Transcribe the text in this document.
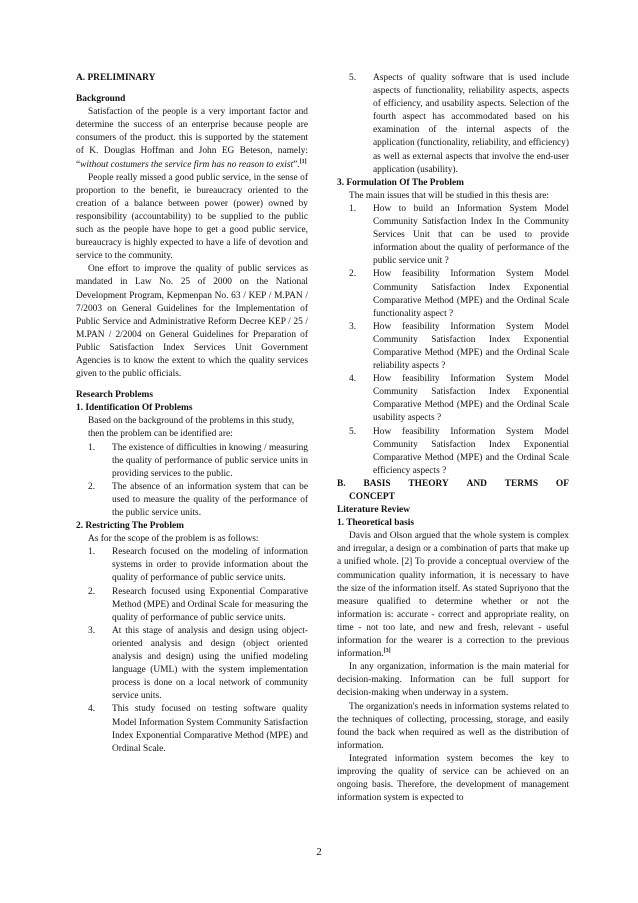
A. PRELIMINARY

Background

Satisfaction of the people is a very important factor and determine the success of an enterprise because people are consumers of the product. this is supported by the statement of K. Douglas Hoffman and John EG Beteson, namely: “without costumers the service firm has no reason to exist”.[1]

People really missed a good public service, in the sense of proportion to the benefit, ie bureaucracy oriented to the creation of a balance between power (power) owned by responsibility (accountability) to be supplied to the public such as the people have hope to get a good public service, bureaucracy is highly expected to have a life of devotion and service to the community.

One effort to improve the quality of public services as mandated in Law No. 25 of 2000 on the National Development Program, Kepmenpan No. 63 / KEP / M.PAN / 7/2003 on General Guidelines for the Implementation of Public Service and Administrative Reform Decree KEP / 25 / M.PAN / 2/2004 on General Guidelines for Preparation of Public Satisfaction Index Services Unit Government Agencies is to know the extent to which the quality services given to the public officials.

Research Problems

1. Identification Of Problems

Based on the background of the problems in this study, then the problem can be identified are:

1. The existence of difficulties in knowing / measuring the quality of performance of public service units in providing services to the public.
2. The absence of an information system that can be used to measure the quality of the performance of the public service units.

2. Restricting The Problem

As for the scope of the problem is as follows:

1. Research focused on the modeling of information systems in order to provide information about the quality of performance of public service units.
2. Research focused using Exponential Comparative Method (MPE) and Ordinal Scale for measuring the quality of performance of public service units.
3. At this stage of analysis and design using object-oriented analysis and design (object oriented analysis and design) using the unified modeling language (UML) with the system implementation process is done on a local network of community service units.
4. This study focused on testing software quality Model Information System Community Satisfaction Index Exponential Comparative Method (MPE) and Ordinal Scale.
5. Aspects of quality software that is used include aspects of functionality, reliability aspects, aspects of efficiency, and usability aspects. Selection of the fourth aspect has accommodated based on his examination of the internal aspects of the application (functionality, reliability, and efficiency) as well as external aspects that involve the end-user application (usability).

3. Formulation Of The Problem

The main issues that will be studied in this thesis are:

1. How to build an Information System Model Community Satisfaction Index In the Community Services Unit that can be used to provide information about the quality of performance of the public service unit ?
2. How feasibility Information System Model Community Satisfaction Index Exponential Comparative Method (MPE) and the Ordinal Scale functionality aspect ?
3. How feasibility Information System Model Community Satisfaction Index Exponential Comparative Method (MPE) and the Ordinal Scale reliability aspects ?
4. How feasibility Information System Model Community Satisfaction Index Exponential Comparative Method (MPE) and the Ordinal Scale usability aspects ?
5. How feasibility Information System Model Community Satisfaction Index Exponential Comparative Method (MPE) and the Ordinal Scale efficiency aspects ?

B. BASIS THEORY AND TERMS OF

CONCEPT

Literature Review

1. Theoretical basis

Davis and Olson argued that the whole system is complex and irregular, a design or a combination of parts that make up a unified whole. [2] To provide a conceptual overview of the communication quality information, it is necessary to have the size of the information itself. As stated Supriyono that the measure qualified to determine whether or not the information is: accurate - correct and appropriate reality, on time - not too late, and new and fresh, relevant - useful information for the wearer is a correction to the previous information.[3]

In any organization, information is the main material for decision-making. Information can be full support for decision-making when underway in a system.

The organization's needs in information systems related to the techniques of collecting, processing, storage, and easily found the back when required as well as the distribution of information.

Integrated information system becomes the key to improving the quality of service can be achieved on an ongoing basis. Therefore, the development of management information system is expected to

2
